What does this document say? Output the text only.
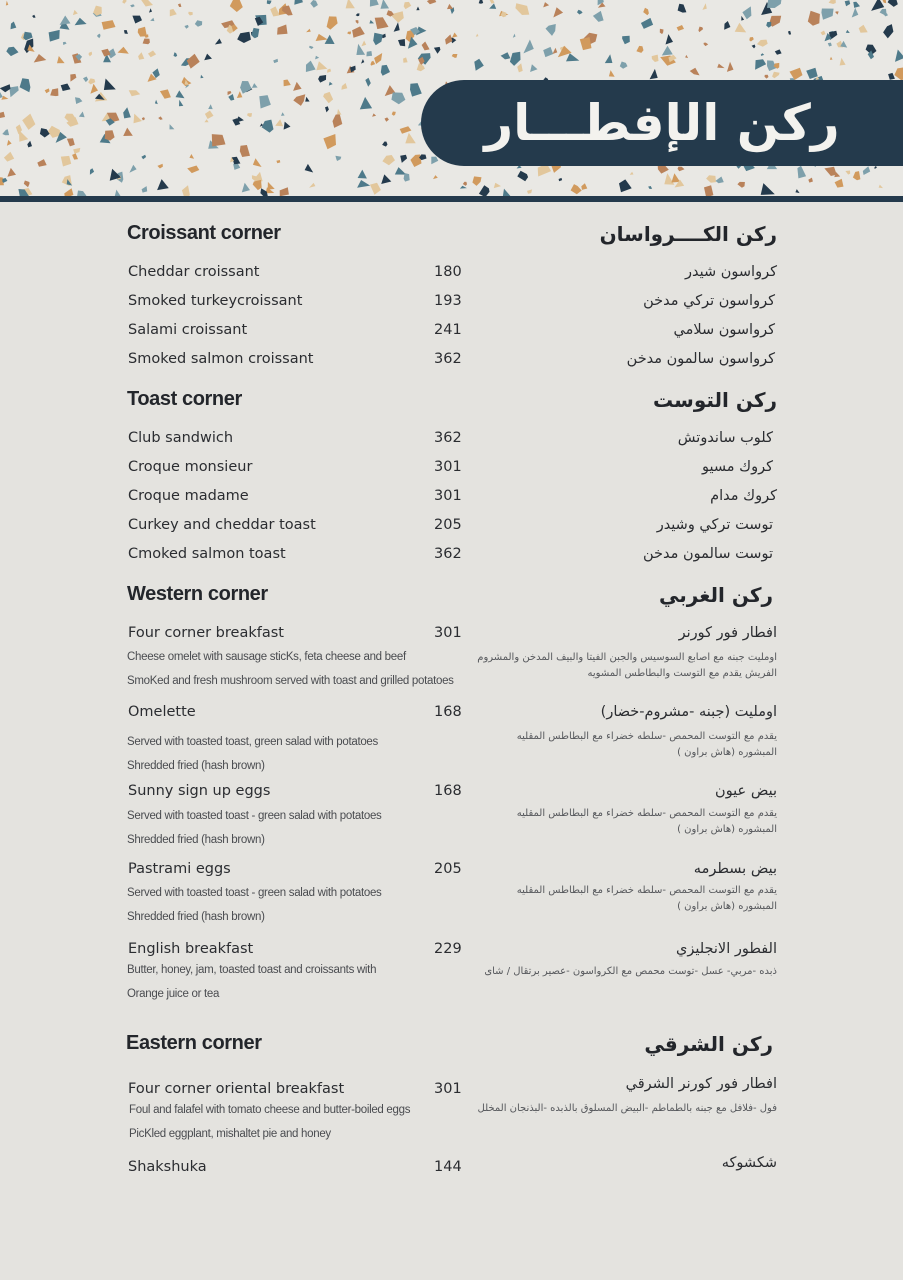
ركن الإفطـــار
Croissant corner	ركن الكــــرواسان
Cheddar croissant	180	كرواسون شيدر
Smoked turkeycroissant	193	كرواسون تركي مدخن
Salami croissant	241	كرواسون سلامي
Smoked salmon croissant	362	كرواسون سالمون مدخن
Toast corner	ركن التوست
Club sandwich	362	كلوب ساندوتش
Croque monsieur	301	كروك مسيو
Croque madame	301	كروك مدام
Curkey and cheddar toast	205	توست تركي وشيدر
Cmoked salmon toast	362	توست سالمون مدخن
Western corner	ركن الغربي
Four corner breakfast	301	افطار فور كورنر
Cheese omelet with sausage sticKs, feta cheese and beef
SmoKed and fresh mushroom served with toast and grilled potatoes
اومليت جبنه مع اصابع السوسيس والجبن الفيتا والبيف المدخن والمشروم الفريش يقدم مع التوست والبطاطس المشويه
Omelette	168	اومليت (جبنه -مشروم-خضار)
Served with toasted toast, green salad with potatoes
Shredded fried (hash brown)
يقدم مع التوست المحمص -سلطه خضراء مع البطاطس المقليه المبشوره (هاش براون )
Sunny sign up eggs	168	بيض عيون
Served with toasted toast - green salad with potatoes
Shredded fried (hash brown)
يقدم مع التوست المحمص -سلطه خضراء مع البطاطس المقليه المبشوره (هاش براون )
Pastrami eggs	205	بيض بسطرمه
Served with toasted toast - green salad with potatoes
Shredded fried (hash brown)
يقدم مع التوست المحمص -سلطه خضراء مع البطاطس المقليه المبشوره (هاش براون )
English breakfast	229	الفطور الانجليزي
Butter, honey, jam, toasted toast and croissants with
Orange juice or tea
ذبده -مربي- عسل -توست محمص مع الكرواسون -عصير برتقال / شاى
Eastern corner	ركن الشرقي
Four corner oriental breakfast	301	افطار فور كورنر الشرقي
Foul and falafel with tomato cheese and butter-boiled eggs
PicKled eggplant, mishaltet pie and honey
فول -فلافل مع جبنه بالطماطم -البيض المسلوق بالذبده -البذنجان المخلل
Shakshuka	144	شكشوكه
